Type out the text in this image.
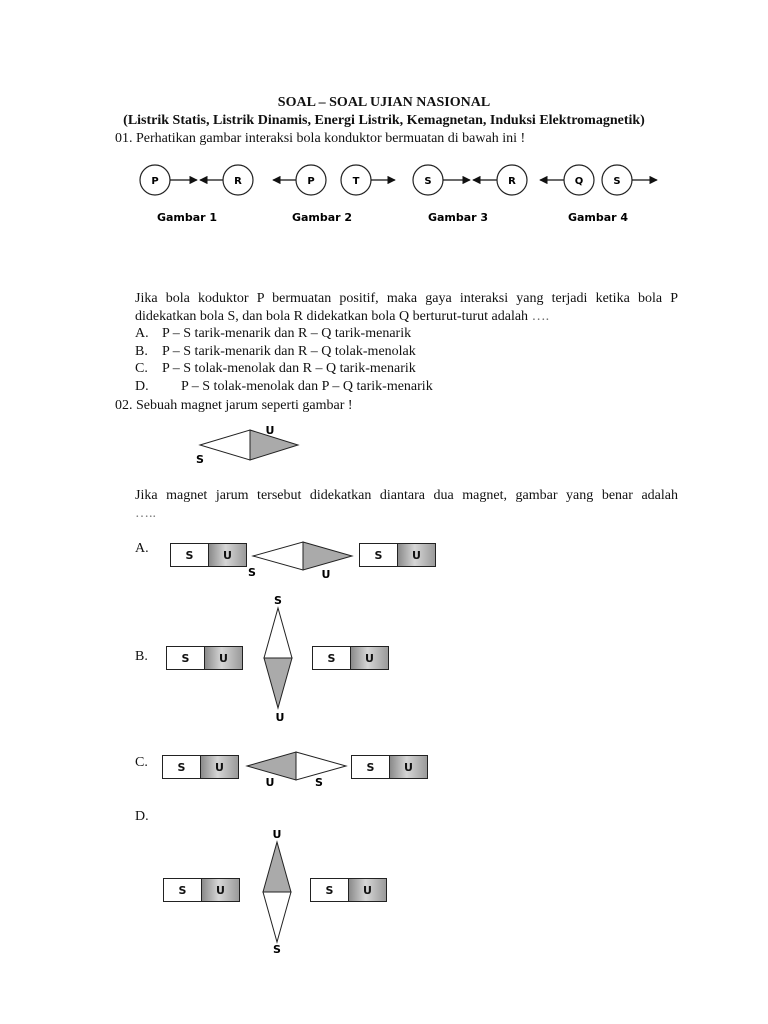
SOAL – SOAL UJIAN NASIONAL
(Listrik Statis, Listrik Dinamis, Energi Listrik, Kemagnetan, Induksi Elektromagnetik)
01. Perhatikan gambar interaksi bola konduktor bermuatan di bawah ini !
P	R
Gambar 1
P	T
Gambar 2
S	R
Gambar 3
Q	S
Gambar 4
Jika bola koduktor P bermuatan positif, maka gaya interaksi yang terjadi ketika bola P
didekatkan bola S, dan bola R didekatkan bola Q berturut-turut adalah ….
A. P – S tarik-menarik dan R – Q tarik-menarik
B. P – S tarik-menarik dan R – Q tolak-menolak
C. P – S tolak-menolak dan R – Q tarik-menarik
D. P – S tolak-menolak dan P – Q tarik-menarik
02. Sebuah magnet jarum seperti gambar !
U
S
Jika magnet jarum tersebut didekatkan diantara dua magnet, gambar yang benar adalah
…..
A.	S	U
S	U
S	U
B.	S	U
S
U
S	U
C.	S	U
U	S
S	U
D.
S	U
U
S
S	U
